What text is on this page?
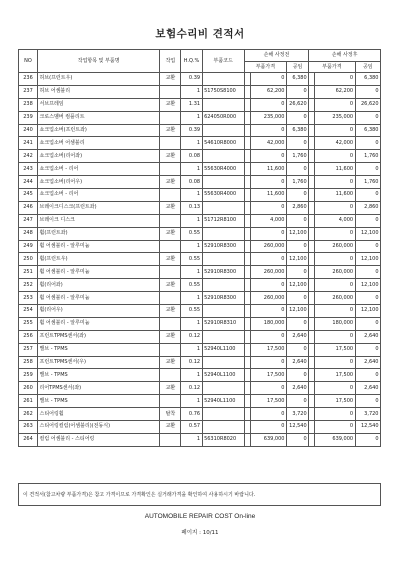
보험수리비 견적서
NO	작업항목 및 부품명	작업	H.Q.%	부품코드	손해 사정전			손해 사정후		
					부품가격		공임	부품가격		공임
236	허브(프런트우)	교환	0.39			0	6,380		0	6,380
237	허브 어셈블리		1	51750S8100		62,200	0		62,200	0
238	서브프레임	교환	1.31			0	26,620		0	26,620
239	크로스멤버 컴플리트		1	624050R000		235,000	0		235,000	0
240	쇼크업소버(프런트좌)	교환	0.39			0	6,380		0	6,380
241	쇼크업소버 어셈블리		1	54610R8000		42,000	0		42,000	0
242	쇼크업소버(리어좌)	교환	0.08			0	1,760		0	1,760
243	쇼크업소버 - 리어		1	55630R4000		11,600	0		11,600	0
244	쇼크업소버(리어우)	교환	0.08			0	1,760		0	1,760
245	쇼크업소버 - 리어		1	55630R4000		11,600	0		11,600	0
246	브레이크디스크(프런트좌)	교환	0.13			0	2,860		0	2,860
247	브레이크 디스크		1	51712R8100		4,000	0		4,000	0
248	휠(프런트좌)	교환	0.55			0	12,100		0	12,100
249	휠 어셈블리 - 알루미늄		1	52910R8300		260,000	0		260,000	0
250	휠(프런트우)	교환	0.55			0	12,100		0	12,100
251	휠 어셈블리 - 알루미늄		1	52910R8300		260,000	0		260,000	0
252	휠(리어좌)	교환	0.55			0	12,100		0	12,100
253	휠 어셈블리 - 알루미늄		1	52910R8300		260,000	0		260,000	0
254	휠(리어우)	교환	0.55			0	12,100		0	12,100
255	휠 어셈블리 - 알루미늄		1	52910R8310		180,000	0		180,000	0
256	프런트TPMS센서(좌)	교환	0.12			0	2,640		0	2,640
257	밸브 - TPMS		1	52940L1100		17,500	0		17,500	0
258	프런트TPMS센서(우)	교환	0.12			0	2,640		0	2,640
259	밸브 - TPMS		1	52940L1100		17,500	0		17,500	0
260	리어TPMS센서(좌)	교환	0.12			0	2,640		0	2,640
261	밸브 - TPMS		1	52940L1100		17,500	0		17,500	0
262	스티어링휠	탈착	0.76			0	3,720		0	3,720
263	스티어링컬럼(어셈블리)(전동식)	교환	0.57			0	12,540		0	12,540
264	컬럼 어셈블리 - 스티어링		1	56310R8020		639,000	0		639,000	0
이 견적서(참고차량 부품가격)은 참고 가격이므로 가격확인은 실거래가격을 확인하여 사용하시기 바랍니다.
AUTOMOBILE REPAIR COST On-line
페이지 : 10/11
